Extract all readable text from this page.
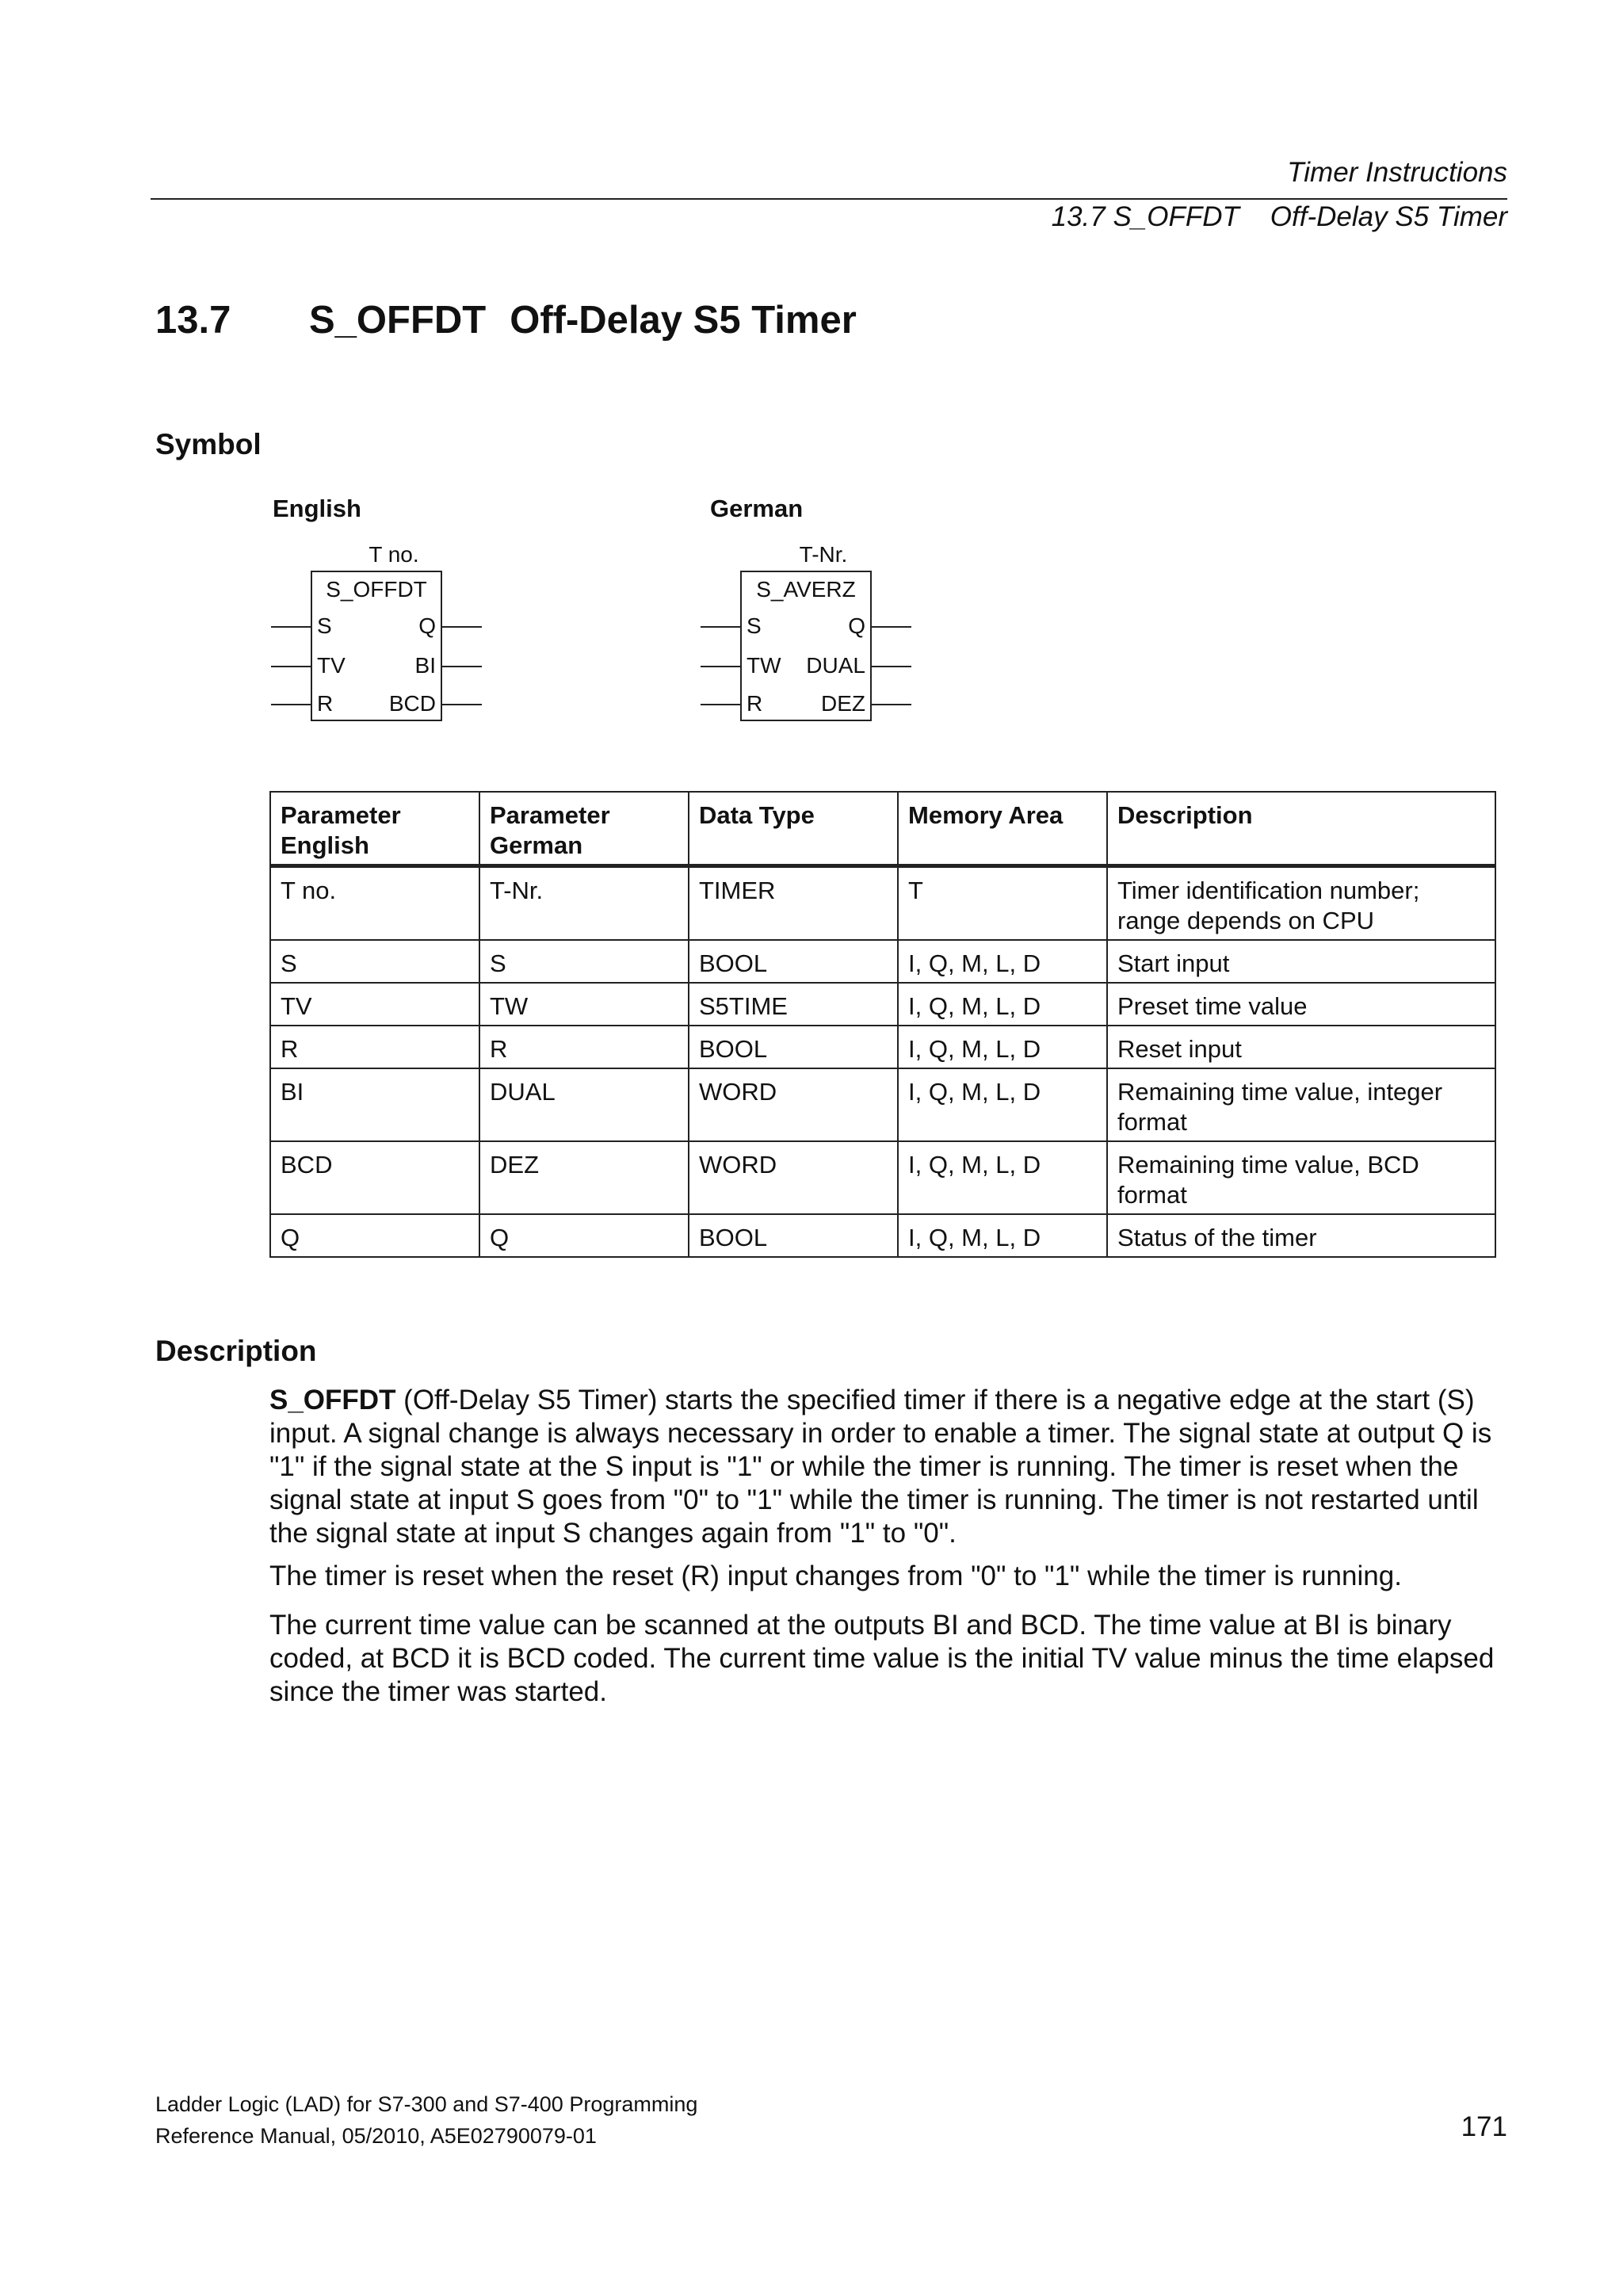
Timer Instructions
13.7 S_OFFDT    Off-Delay S5 Timer
13.7 S_OFFDT Off-Delay S5 Timer
Symbol
English	German
T no.
S_OFFDT
S
TV
R
Q
BI
BCD
T-Nr.
S_AVERZ
S
TW
R
Q
DUAL
DEZ
Parameter English	Parameter German	Data Type	Memory Area	Description
T no.	T-Nr.	TIMER	T	Timer identification number; range depends on CPU
S	S	BOOL	I, Q, M, L, D	Start input
TV	TW	S5TIME	I, Q, M, L, D	Preset time value
R	R	BOOL	I, Q, M, L, D	Reset input
BI	DUAL	WORD	I, Q, M, L, D	Remaining time value, integer format
BCD	DEZ	WORD	I, Q, M, L, D	Remaining time value, BCD format
Q	Q	BOOL	I, Q, M, L, D	Status of the timer
Description

S_OFFDT (Off-Delay S5 Timer) starts the specified timer if there is a negative edge at the start (S) input. A signal change is always necessary in order to enable a timer. The signal state at output Q is "1" if the signal state at the S input is "1" or while the timer is running. The timer is reset when the signal state at input S goes from "0" to "1" while the timer is running. The timer is not restarted until the signal state at input S changes again from "1" to "0".

The timer is reset when the reset (R) input changes from "0" to "1" while the timer is running.

The current time value can be scanned at the outputs BI and BCD. The time value at BI is binary coded, at BCD it is BCD coded. The current time value is the initial TV value minus the time elapsed since the timer was started.

Ladder Logic (LAD) for S7-300 and S7-400 Programming
Reference Manual, 05/2010, A5E02790079-01	171
